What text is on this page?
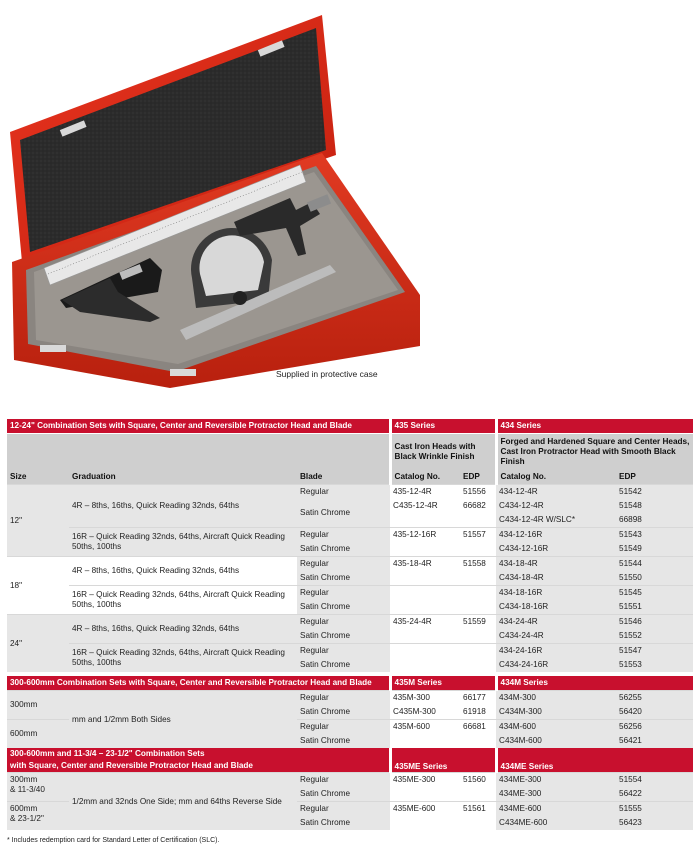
Supplied in protective case
12-24" Combination Sets with Square, Center and Reversible Protractor Head and Blade			435 Series		434 Series	
			Cast Iron Heads with Black Wrinkle Finish		Forged and Hardened Square and Center Heads, Cast Iron Protractor Head with Smooth Black Finish	
Size	Graduation	Blade	Catalog No.	EDP	Catalog No.	EDP
12"	4R – 8ths, 16ths, Quick Reading 32nds, 64ths	Regular	435-12-4R	51556	434-12-4R	51542
		Satin Chrome	C435-12-4R	66682	C434-12-4R	51548
					C434-12-4R W/SLC*	66898
	16R – Quick Reading 32nds, 64ths, Aircraft Quick Reading 50ths, 100ths	Regular	435-12-16R	51557	434-12-16R	51543
		Satin Chrome			C434-12-16R	51549
18"	4R – 8ths, 16ths, Quick Reading 32nds, 64ths	Regular	435-18-4R	51558	434-18-4R	51544
		Satin Chrome			C434-18-4R	51550
	16R – Quick Reading 32nds, 64ths, Aircraft Quick Reading 50ths, 100ths	Regular			434-18-16R	51545
		Satin Chrome			C434-18-16R	51551
24"	4R – 8ths, 16ths, Quick Reading 32nds, 64ths	Regular	435-24-4R	51559	434-24-4R	51546
		Satin Chrome			C434-24-4R	51552
	16R – Quick Reading 32nds, 64ths, Aircraft Quick Reading 50ths, 100ths	Regular			434-24-16R	51547
		Satin Chrome			C434-24-16R	51553
300-600mm Combination Sets with Square, Center and Reversible Protractor Head and Blade			435M Series		434M Series	
300mm	mm and 1/2mm Both Sides	Regular	435M-300	66177	434M-300	56255
		Satin Chrome	C435M-300	61918	C434M-300	56420
600mm		Regular	435M-600	66681	434M-600	56256
		Satin Chrome			C434M-600	56421
300-600mm and 11-3/4 – 23-1/2" Combination Sets			435ME Series		434ME Series	
with Square, Center and Reversible Protractor Head and Blade						

300mm
& 11-3/40	1/2mm and 32nds One Side; mm and 64ths Reverse Side	Regular	435ME-300	51560	434ME-300	51554
		Satin Chrome			434ME-300	56422

600mm
& 23-1/2"		Regular	435ME-600	51561	434ME-600	51555
		Satin Chrome			C434ME-600	56423
* Includes redemption card for Standard Letter of Certification (SLC).
